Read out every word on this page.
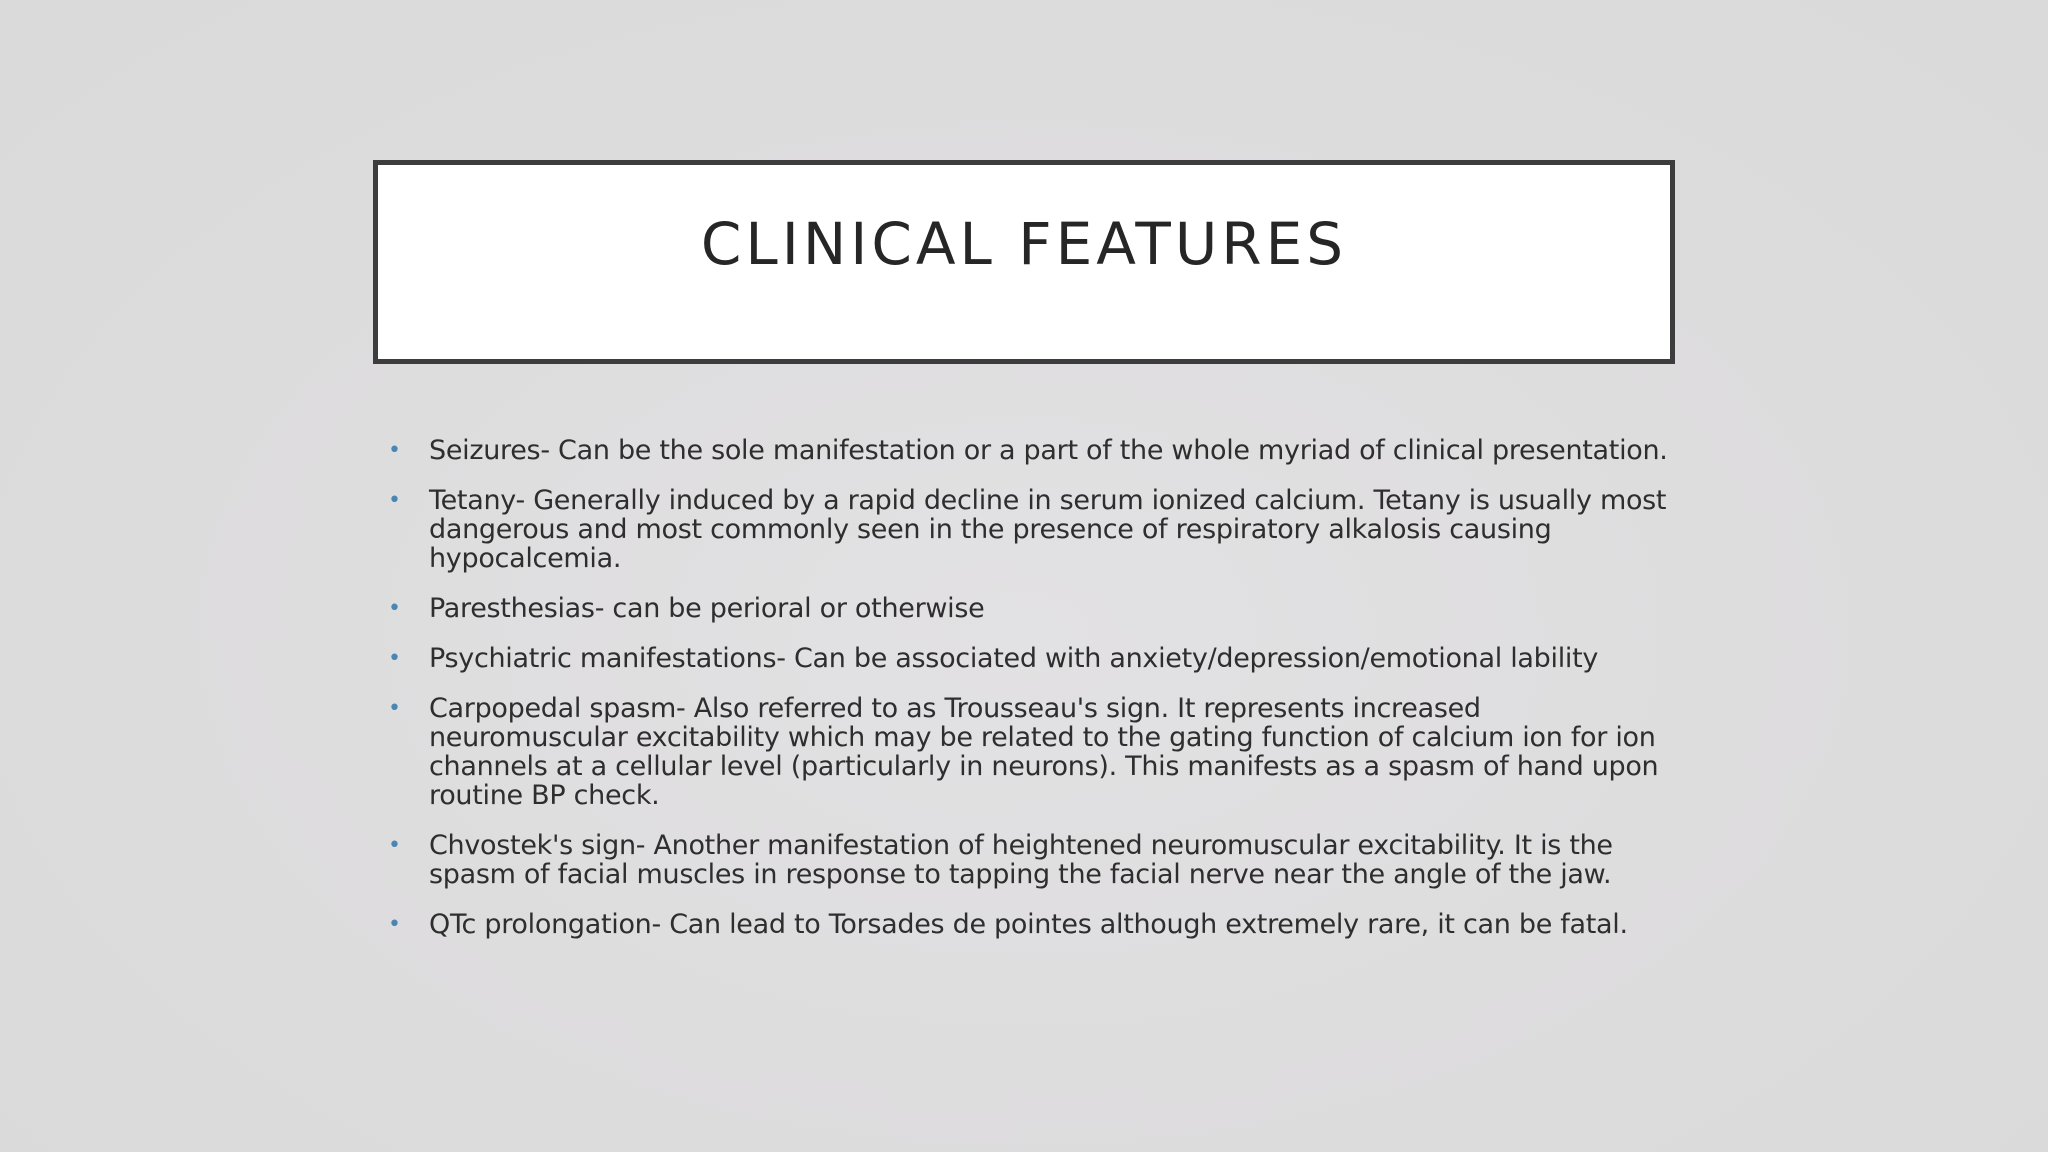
CLINICAL FEATURES
• Seizures- Can be the sole manifestation or a part of the whole myriad of clinical presentation.
• Tetany- Generally induced by a rapid decline in serum ionized calcium. Tetany is usually most dangerous and most commonly seen in the presence of respiratory alkalosis causing hypocalcemia.
• Paresthesias- can be perioral or otherwise
• Psychiatric manifestations- Can be associated with anxiety/depression/emotional lability
• Carpopedal spasm- Also referred to as Trousseau's sign. It represents increased neuromuscular excitability which may be related to the gating function of calcium ion for ion channels at a cellular level (particularly in neurons). This manifests as a spasm of hand upon routine BP check.
• Chvostek's sign- Another manifestation of heightened neuromuscular excitability. It is the spasm of facial muscles in response to tapping the facial nerve near the angle of the jaw.
• QTc prolongation- Can lead to Torsades de pointes although extremely rare, it can be fatal.
